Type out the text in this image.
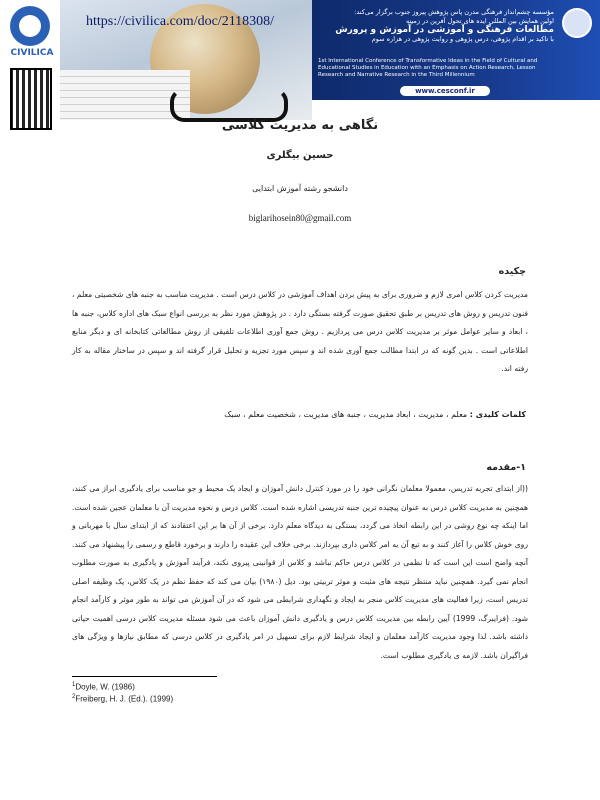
مؤسسه چشم‌انداز فرهنگی مدرن پاس پژوهش پیروز جنوب برگزار می‌کند:
اولین همایش بین المللی ایده های تحول آفرین در زمینه
مطالعات فرهنگی و آموزشی در آموزش و پرورش
با تاکید بر اقدام پژوهی، درس پژوهی و روایت پژوهی در هزاره سوم
1st International Conference of Transformative Ideas in the Field of Cultural and Educational Studies in Education with an Emphasis on Action Research, Lesson Research and Narrative Research in the Third Millennium
www.cesconf.ir
CIVILICA
https://civilica.com/doc/2118308/
نگاهی به مدیریت کلاسی
حسین بیگلری
دانشجو رشته آموزش ابتدایی
biglarihosein80@gmail.com
چکیده
مدیریت کردن کلاس امری لازم و ضروری برای به پیش بردن اهداف آموزشی در کلاس درس است . مدیریت مناسب به جنبه های شخصیتی معلم ، فنون تدریس و روش های تدریس بر طبق تحقیق صورت گرفته بستگی دارد . در پژوهش مورد نظر به بررسی انواع سبک های اداره کلاس، جنبه ها ، ابعاد و سایر عوامل موثر بر مدیریت کلاس درس می پردازیم . روش جمع آوری اطلاعات تلفیقی از روش مطالعاتی کتابخانه ای و دیگر منابع اطلاعاتی است . بدین گونه که در ابتدا مطالب جمع آوری شده اند و سپس مورد تجزیه و تحلیل قرار گرفته اند و سپس در ساختار مقاله به کار رفته اند.
کلمات کلیدی : معلم ، مدیریت ، ابعاد مدیریت ، جنبه های مدیریت ، شخصیت معلم ، سبک
۱-مقدمه
((از ابتدای تجربه تدریس، معمولا معلمان نگرانی خود را در مورد کنترل دانش آموزان و ایجاد یک محیط و جو مناسب برای یادگیری ابراز می کنند، همچنین به مدیریت کلاس درس به عنوان پیچیده ترین جنبه تدریسی اشاره شده است. کلاس درس و نحوه مدیریت آن با معلمان عجین شده است. اما اینکه چه نوع روشی در این رابطه اتخاذ می گردد، بستگی به دیدگاه معلم دارد. برخی از آن ها بر این اعتقادند که از ابتدای سال با مهربانی و روی خوش کلاس را آغاز کنند و به تبع آن به امر کلاس داری بپردازند. برخی خلاف این عقیده را دارند و برخورد قاطع و رسمی را پیشنهاد می کنند. آنچه واضح است این است که تا نظمی در کلاس درس حاکم نباشد و کلاس از قوانینی پیروی نکند، فرآیند آموزش و یادگیری به صورت مطلوب انجام نمی گیرد. همچنین نباید منتظر نتیجه های مثبت و موثر تربیتی بود. دیل (۱۹۸۰) بیان می کند که حفظ نظم در یک کلاس، یک وظیفه اصلی تدریس است، زیرا فعالیت های مدیریت کلاس منجر به ایجاد و نگهداری شرایطی می شود که در آن آموزش می تواند به طور موثر و کارآمد انجام شود. (فرایبرگ، 1999) آیین رابطه بین مدیریت کلاس درس و یادگیری دانش آموزان باعث می شود مسئله مدیریت کلاس درسی اهمیت حیاتی داشته باشد. لذا وجود مدیریت کارآمد معلمان و ایجاد شرایط لازم برای تسهیل در امر یادگیری در کلاس درسی که مطابق نیازها و ویژگی های فراگیران باشد. لازمه ی یادگیری مطلوب است.
$^1$Doyle, W. (1986)
$^2$Freiberg, H. J. (Ed.). (1999)
